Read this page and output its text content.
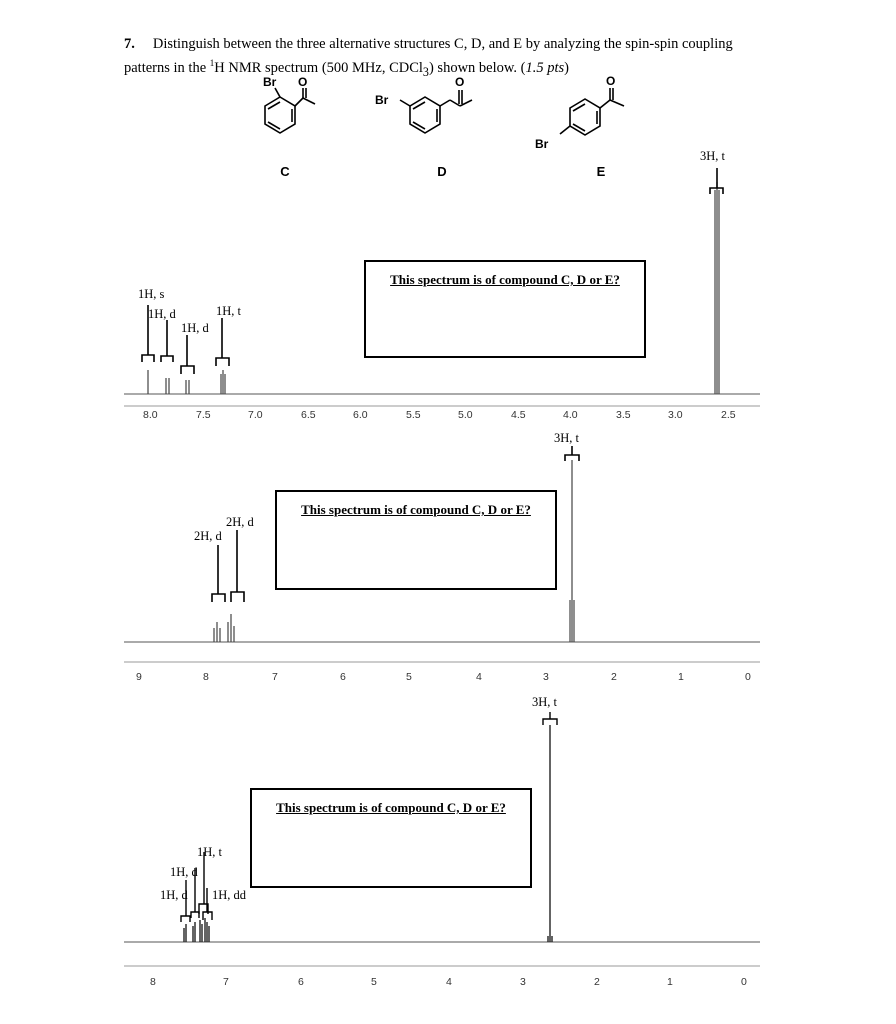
7. Distinguish between the three alternative structures C, D, and E by analyzing the spin-spin coupling patterns in the $^1$H NMR spectrum (500 MHz, CDCl$_3$) shown below. (1.5 pts)
Br O
C
Br
O
D
Br
O
E
1H, s
1H, d
1H, d
1H, t
3H, t
8.0	7.5	7.0	6.5	6.0	5.5	5.0	4.5	4.0	3.5	3.0	2.5
This spectrum is of compound C, D or E?
2H, d
2H, d
3H, t
9	8	7	6	5	4	3	2	1	0
This spectrum is of compound C, D or E?
1H, t
1H, d
1H, d 1H, dd
3H, t
8	7	6	5	4	3	2	1	0
This spectrum is of compound C, D or E?
